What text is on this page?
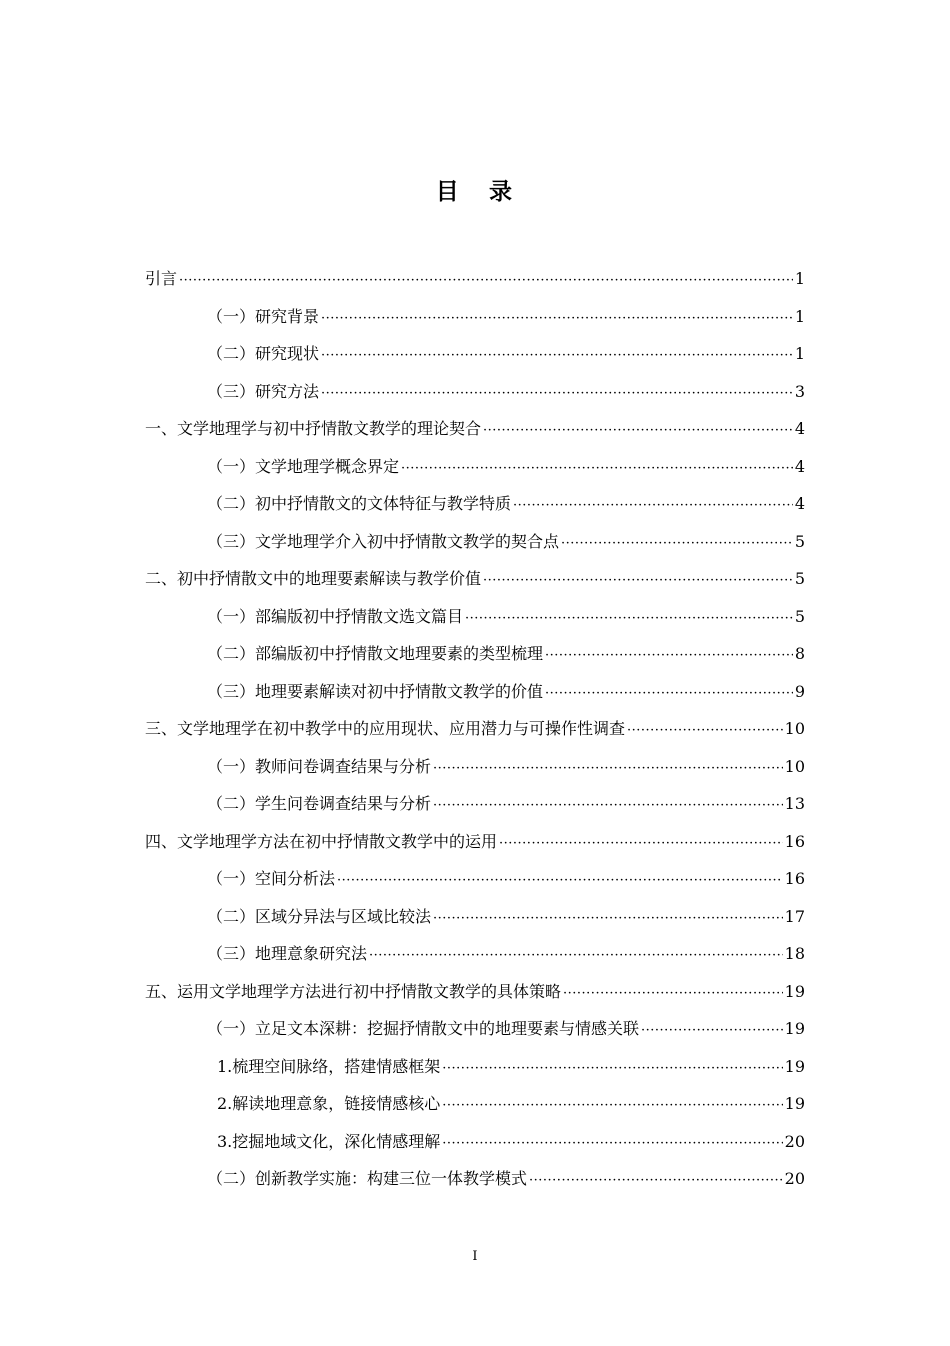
目 录
引言 ·····	1
（一）研究背景 ·····	1
（二）研究现状 ·····	1
（三）研究方法 ·····	3
一、文学地理学与初中抒情散文教学的理论契合 ·····	4
（一）文学地理学概念界定 ·····	4
（二）初中抒情散文的文体特征与教学特质 ·····	4
（三）文学地理学介入初中抒情散文教学的契合点 ·····	5
二、初中抒情散文中的地理要素解读与教学价值 ·····	5
（一）部编版初中抒情散文选文篇目 ·····	5
（二）部编版初中抒情散文地理要素的类型梳理 ·····	8
（三）地理要素解读对初中抒情散文教学的价值 ·····	9
三、文学地理学在初中教学中的应用现状、应用潜力与可操作性调查 ·····	10
（一）教师问卷调查结果与分析 ·····	10
（二）学生问卷调查结果与分析 ·····	13
四、文学地理学方法在初中抒情散文教学中的运用 ·····	16
（一）空间分析法 ·····	16
（二）区域分异法与区域比较法 ·····	17
（三）地理意象研究法 ·····	18
五、运用文学地理学方法进行初中抒情散文教学的具体策略 ·····	19
（一）立足文本深耕：挖掘抒情散文中的地理要素与情感关联 ·····	19
1.梳理空间脉络，搭建情感框架 ·····	19
2.解读地理意象，链接情感核心 ·····	19
3.挖掘地域文化，深化情感理解 ·····	20
（二）创新教学实施：构建三位一体教学模式 ·····	20
I
